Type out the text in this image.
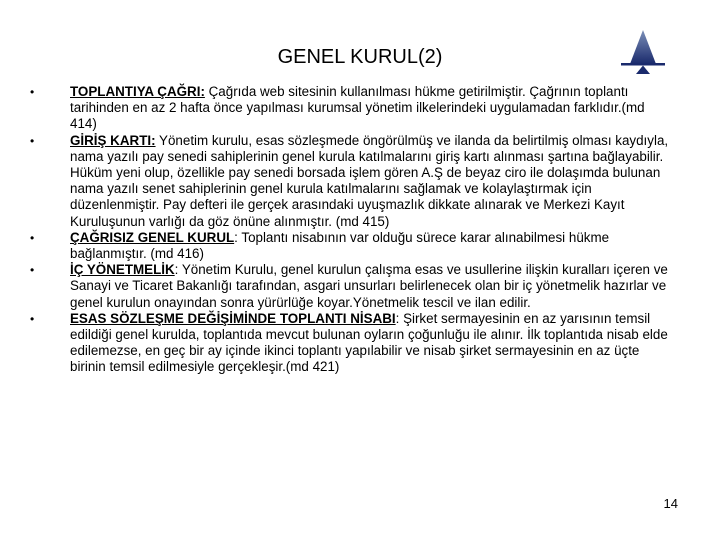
GENEL KURUL(2)
•	TOPLANTIYA ÇAĞRI: Çağrıda web sitesinin kullanılması hükme getirilmiştir. Çağrının toplantı tarihinden en az 2 hafta önce yapılması kurumsal yönetim ilkelerindeki uygulamadan farklıdır.(md 414)
•	GİRİŞ KARTI: Yönetim kurulu, esas sözleşmede öngörülmüş ve ilanda da belirtilmiş olması kaydıyla, nama yazılı pay senedi sahiplerinin genel kurula katılmalarını giriş kartı alınması şartına bağlayabilir. Hüküm yeni olup, özellikle pay senedi borsada işlem gören A.Ş de beyaz ciro ile dolaşımda bulunan nama yazılı senet sahiplerinin genel kurula katılmalarını sağlamak ve kolaylaştırmak için düzenlenmiştir. Pay defteri ile gerçek arasındaki uyuşmazlık dikkate alınarak ve Merkezi Kayıt Kuruluşunun varlığı da göz önüne alınmıştır. (md 415)
•	ÇAĞRISIZ GENEL KURUL: Toplantı nisabının var olduğu sürece karar alınabilmesi hükme bağlanmıştır. (md 416)
•	İÇ YÖNETMELİK: Yönetim Kurulu, genel kurulun çalışma esas ve usullerine ilişkin kuralları içeren ve Sanayi ve Ticaret Bakanlığı tarafından, asgari unsurları belirlenecek olan bir iç yönetmelik hazırlar ve genel kurulun onayından sonra yürürlüğe koyar.Yönetmelik tescil ve ilan edilir.
•	ESAS SÖZLEŞME DEĞİŞİMİNDE TOPLANTI NİSABI: Şirket sermayesinin en az yarısının temsil edildiği genel kurulda, toplantıda mevcut bulunan oyların çoğunluğu ile alınır. İlk toplantıda nisab elde edilemezse, en geç bir ay içinde ikinci toplantı yapılabilir ve nisab şirket sermayesinin en az üçte birinin temsil edilmesiyle gerçekleşir.(md 421)
14
